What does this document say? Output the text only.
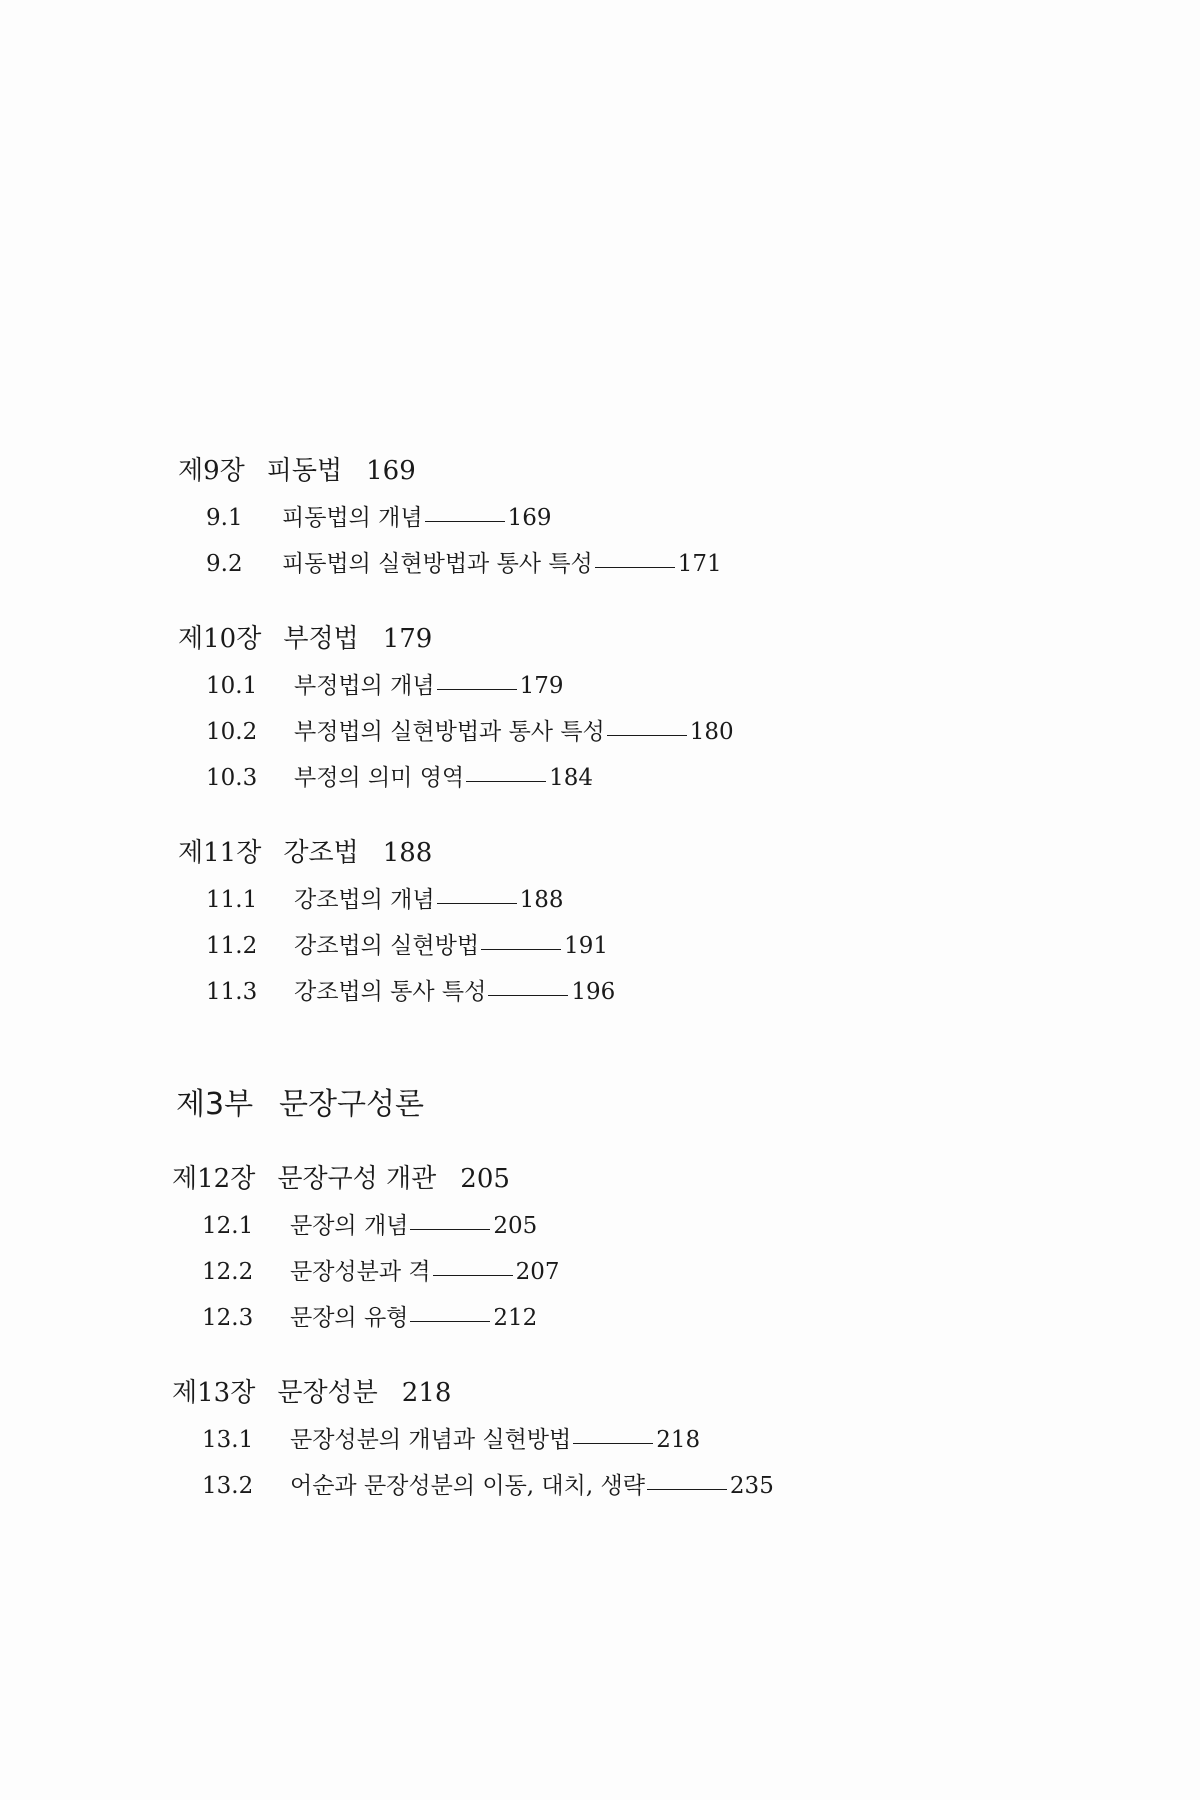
제9장 피동법 169
9.1	피동법의 개념	169
9.2	피동법의 실현방법과 통사 특성	171
제10장 부정법 179
10.1	부정법의 개념	179
10.2	부정법의 실현방법과 통사 특성	180
10.3	부정의 의미 영역	184
제11장 강조법 188
11.1	강조법의 개념	188
11.2	강조법의 실현방법	191
11.3	강조법의 통사 특성	196
제3부 문장구성론
제12장 문장구성 개관 205
12.1	문장의 개념	205
12.2	문장성분과 격	207
12.3	문장의 유형	212
제13장 문장성분 218
13.1	문장성분의 개념과 실현방법	218
13.2	어순과 문장성분의 이동, 대치, 생략	235
